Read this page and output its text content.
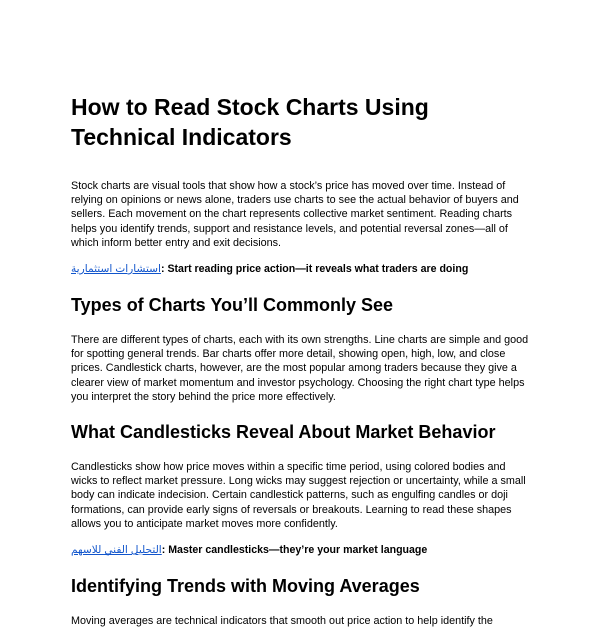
How to Read Stock Charts Using Technical Indicators

Stock charts are visual tools that show how a stock’s price has moved over time. Instead of relying on opinions or news alone, traders use charts to see the actual behavior of buyers and sellers. Each movement on the chart represents collective market sentiment. Reading charts helps you identify trends, support and resistance levels, and potential reversal zones—all of which inform better entry and exit decisions.

استشارات استثمارية: Start reading price action—it reveals what traders are doing

Types of Charts You’ll Commonly See

There are different types of charts, each with its own strengths. Line charts are simple and good for spotting general trends. Bar charts offer more detail, showing open, high, low, and close prices. Candlestick charts, however, are the most popular among traders because they give a clearer view of market momentum and investor psychology. Choosing the right chart type helps you interpret the story behind the price more effectively.

What Candlesticks Reveal About Market Behavior

Candlesticks show how price moves within a specific time period, using colored bodies and wicks to reflect market pressure. Long wicks may suggest rejection or uncertainty, while a small body can indicate indecision. Certain candlestick patterns, such as engulfing candles or doji formations, can provide early signs of reversals or breakouts. Learning to read these shapes allows you to anticipate market moves more confidently.

التحليل الفني للاسهم: Master candlesticks—they’re your market language

Identifying Trends with Moving Averages

Moving averages are technical indicators that smooth out price action to help identify the
